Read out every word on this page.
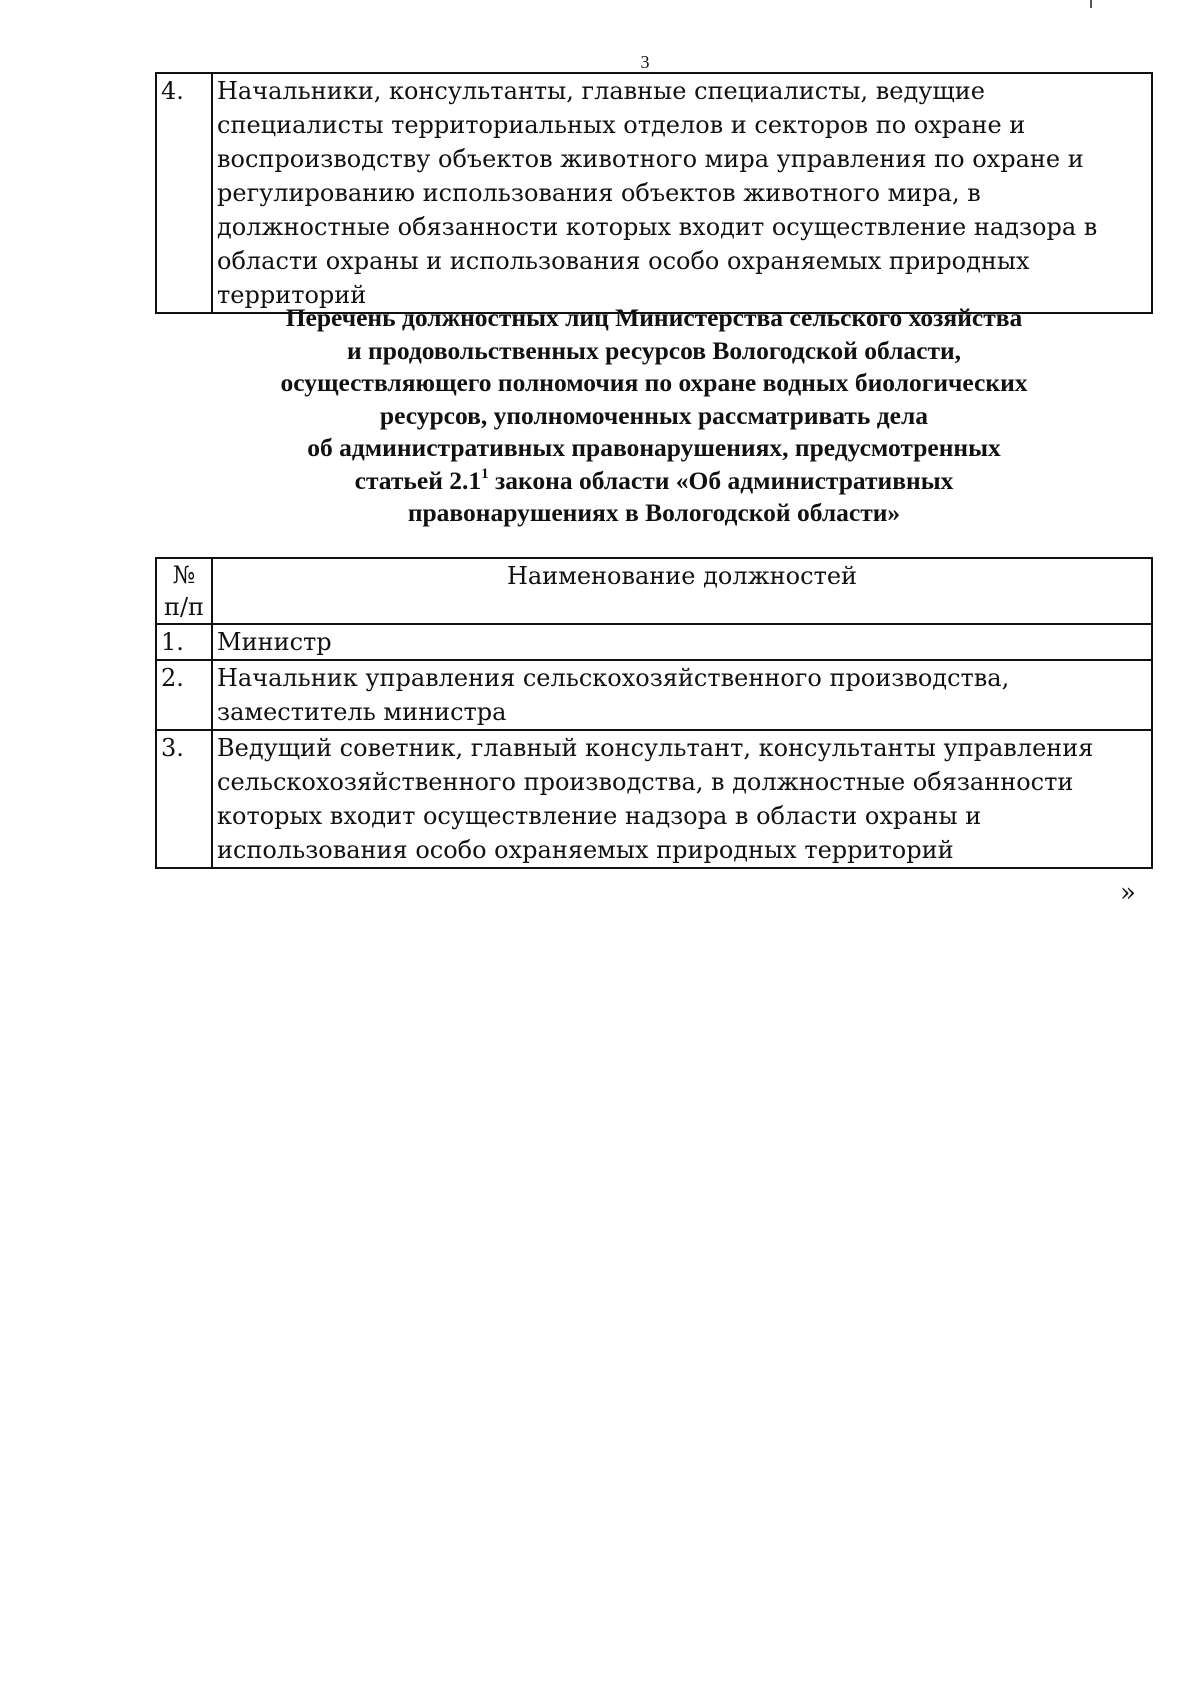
3
4.	Начальники, консультанты, главные специалисты, ведущие специалисты территориальных отделов и секторов по охране и воспроизводству объектов животного мира управления по охране и регулированию использования объектов животного мира, в должностные обязанности которых входит осуществление надзора в области охраны и использования особо охраняемых природных территорий
Перечень должностных лиц Министерства сельского хозяйства
и продовольственных ресурсов Вологодской области,
осуществляющего полномочия по охране водных биологических
ресурсов, уполномоченных рассматривать дела
об административных правонарушениях, предусмотренных
статьей $2.1^1$ закона области «Об административных
правонарушениях в Вологодской области»
№ п/п	Наименование должностей
1.	Министр
2.	Начальник управления сельскохозяйственного производства, заместитель министра
3.	Ведущий советник, главный консультант, консультанты управления сельскохозяйственного производства, в должностные обязанности которых входит осуществление надзора в области охраны и использования особо охраняемых природных территорий
»
